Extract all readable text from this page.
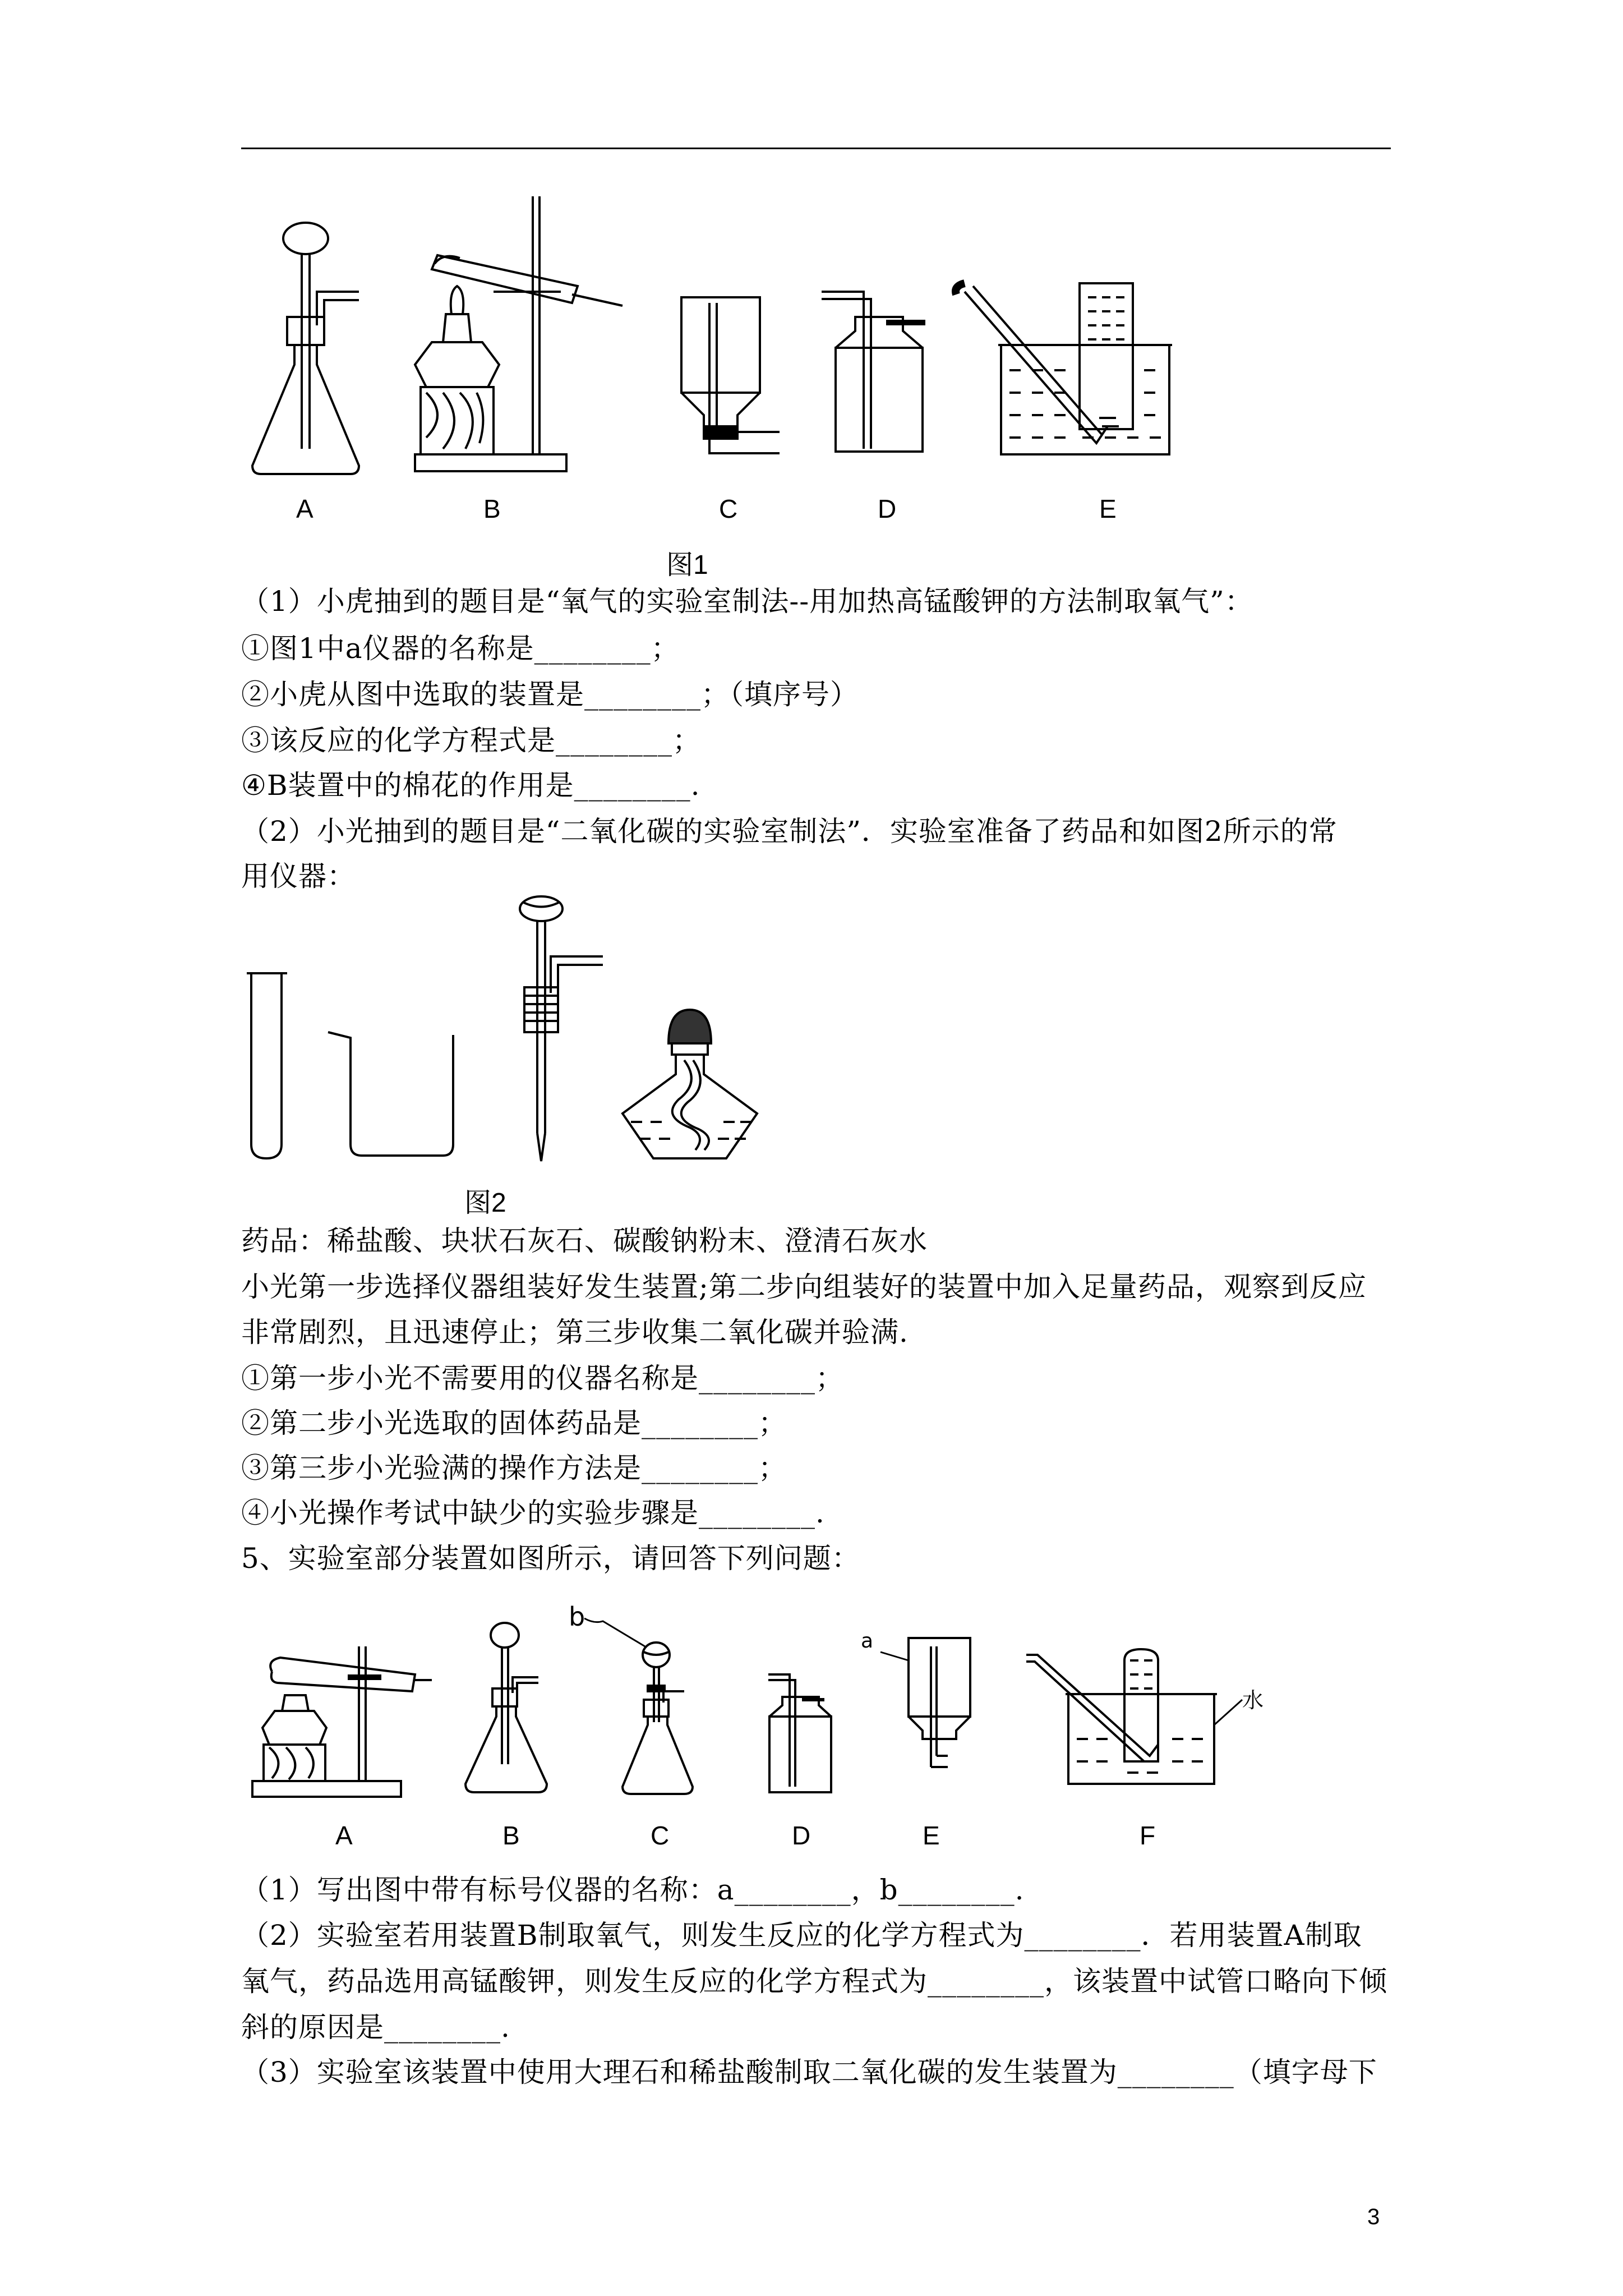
A	B	C	D	E
图1
（1）小虎抽到的题目是“氧气的实验室制法--用加热高锰酸钾的方法制取氧气”：
①图1中a仪器的名称是________；
②小虎从图中选取的装置是________；（填序号）
③该反应的化学方程式是________；
④B装置中的棉花的作用是________.
（2）小光抽到的题目是“二氧化碳的实验室制法”．实验室准备了药品和如图2所示的常
用仪器：
图2
药品：稀盐酸、块状石灰石、碳酸钠粉末、澄清石灰水
小光第一步选择仪器组装好发生装置;第二步向组装好的装置中加入足量药品，观察到反应
非常剧烈，且迅速停止；第三步收集二氧化碳并验满.
①第一步小光不需要用的仪器名称是________；
②第二步小光选取的固体药品是________；
③第三步小光验满的操作方法是________；
④小光操作考试中缺少的实验步骤是________.
5、实验室部分装置如图所示，请回答下列问题：
b
a
水
A	B	C	D	E	F
（1）写出图中带有标号仪器的名称：a________，b________.
（2）实验室若用装置B制取氧气，则发生反应的化学方程式为________．若用装置A制取
氧气，药品选用高锰酸钾，则发生反应的化学方程式为________，该装置中试管口略向下倾
斜的原因是________.
（3）实验室该装置中使用大理石和稀盐酸制取二氧化碳的发生装置为________（填字母下
3
